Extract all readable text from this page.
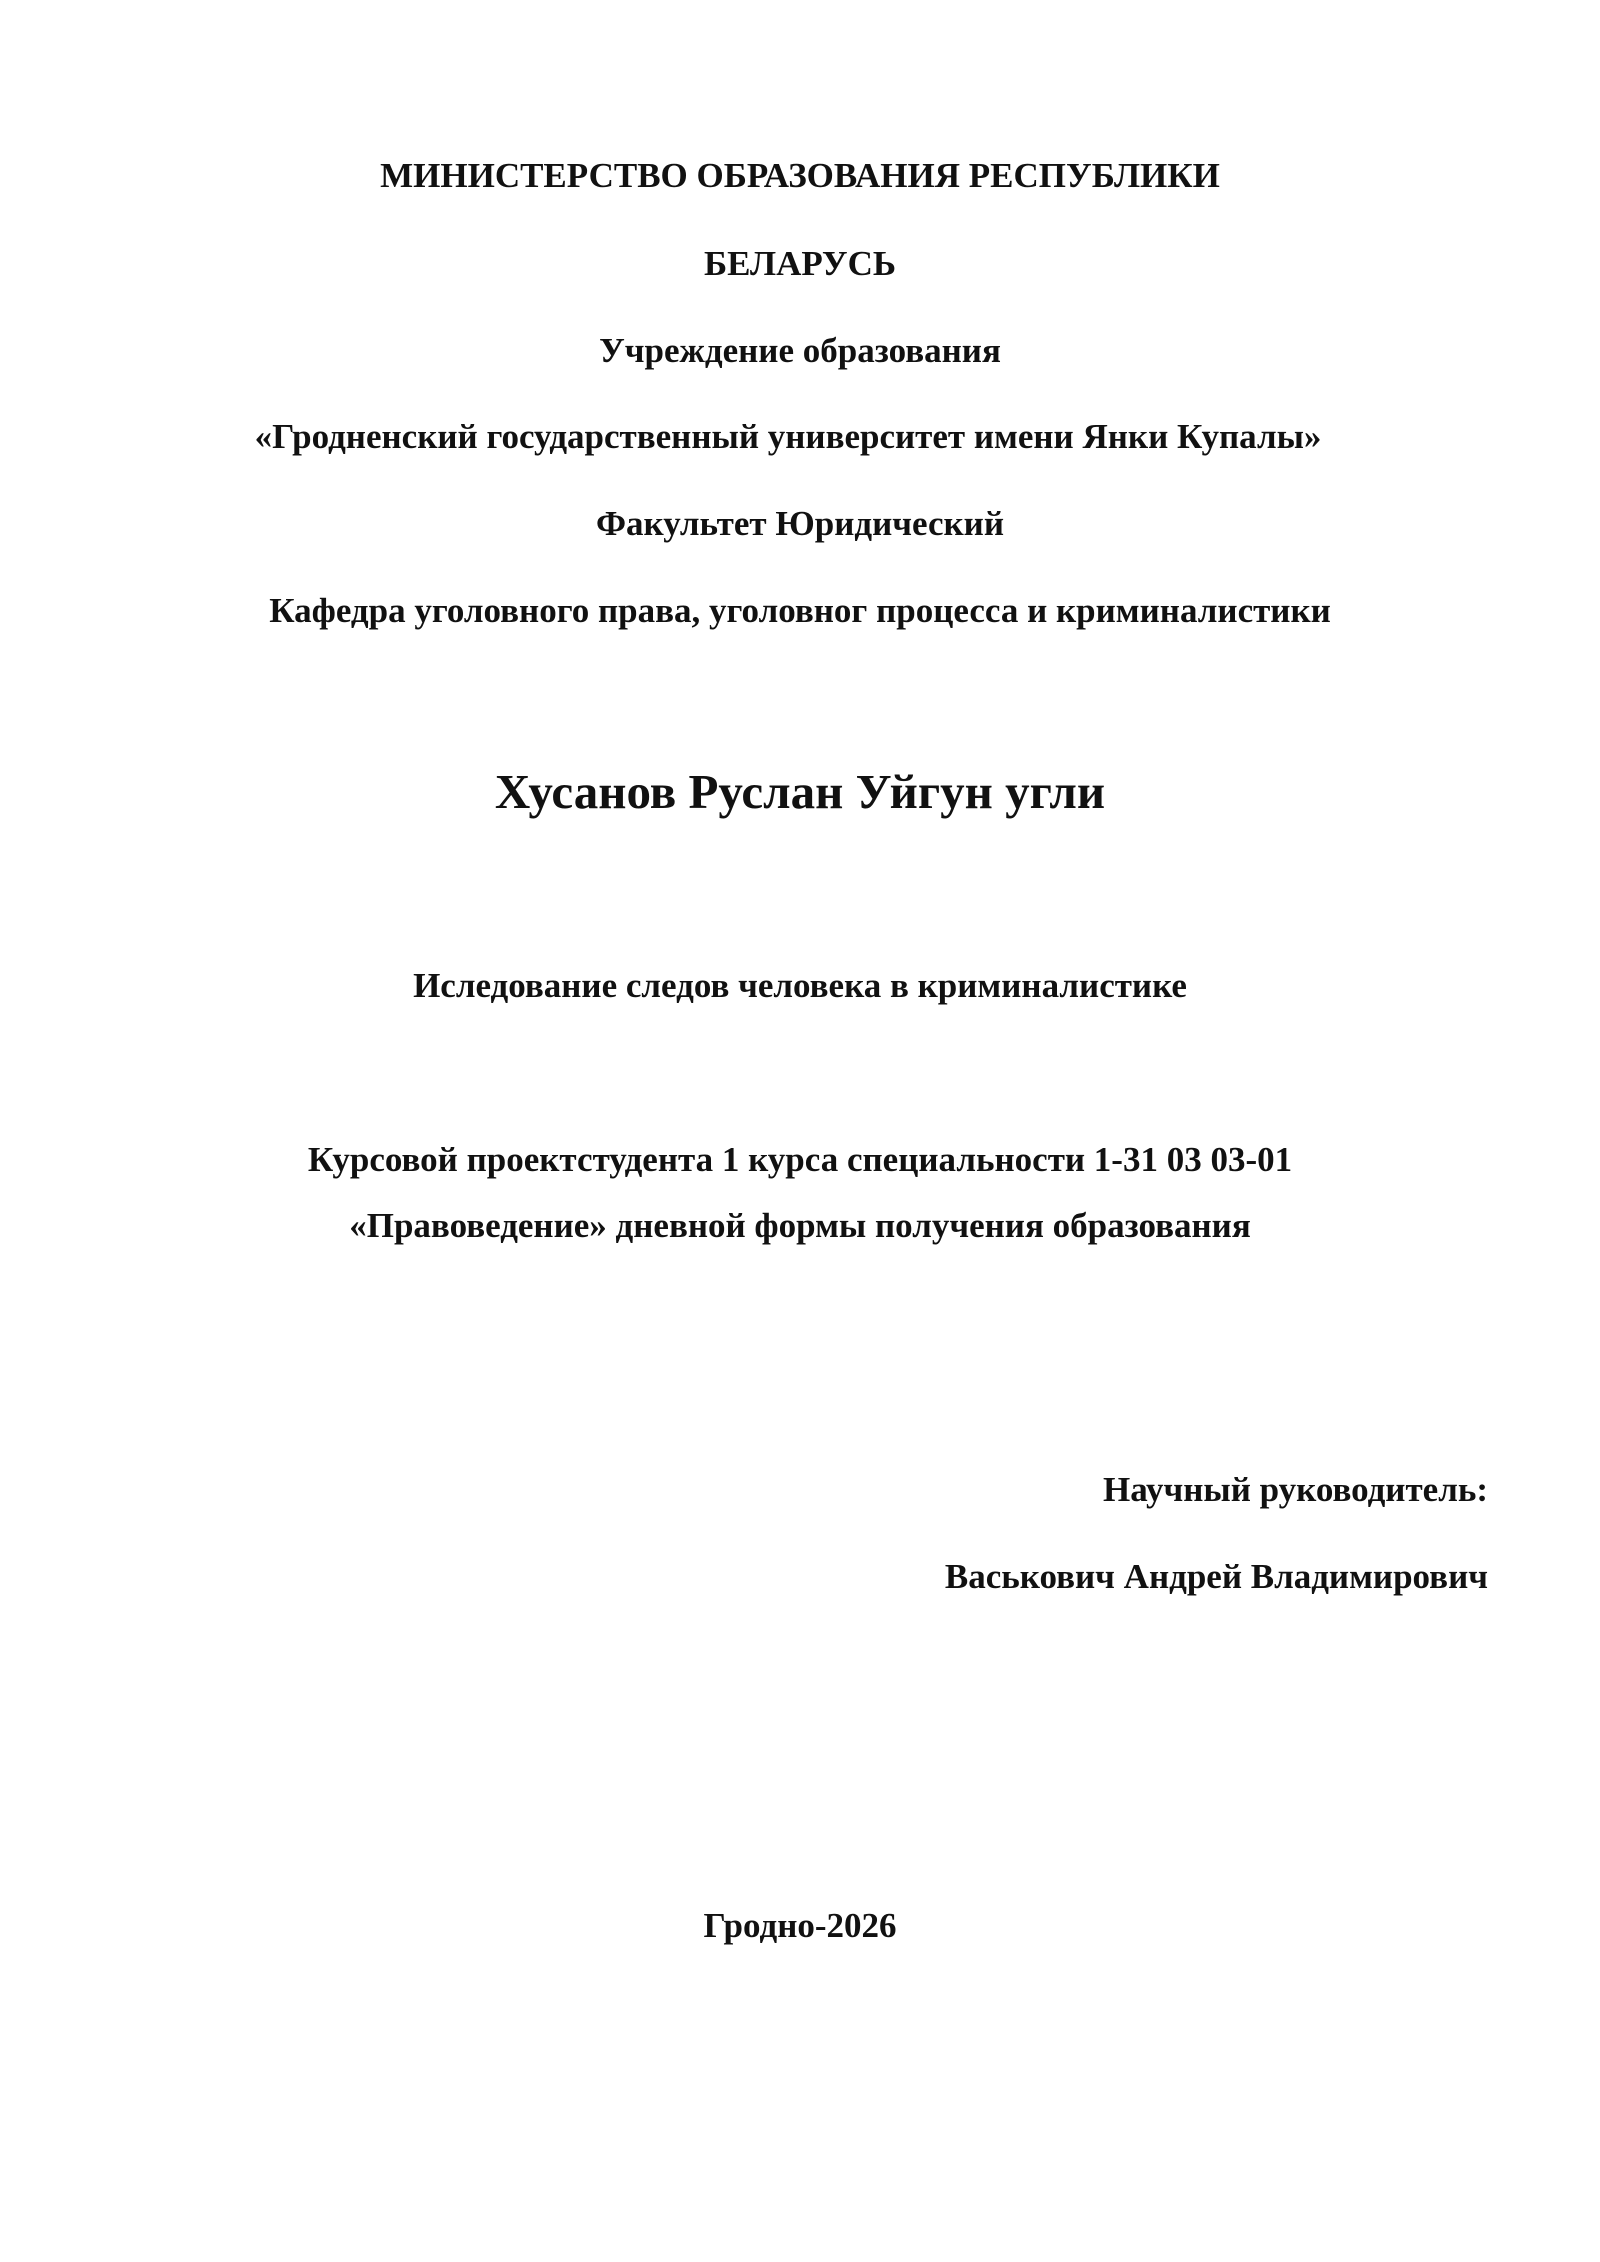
МИНИСТЕРСТВО ОБРАЗОВАНИЯ РЕСПУБЛИКИ
БЕЛАРУСЬ
Учреждение образования
«Гродненский государственный университет имени Янки Купалы»
Факультет Юридический
Кафедра уголовного права, уголовног процесса и криминалистики
Хусанов Руслан Уйгун угли
Иследование следов человека в криминалистике
Курсовой проектстудента 1 курса специальности 1-31 03 03-01
«Правоведение» дневной формы получения образования
Научный руководитель:
Васькович Андрей Владимирович
Гродно-2026
